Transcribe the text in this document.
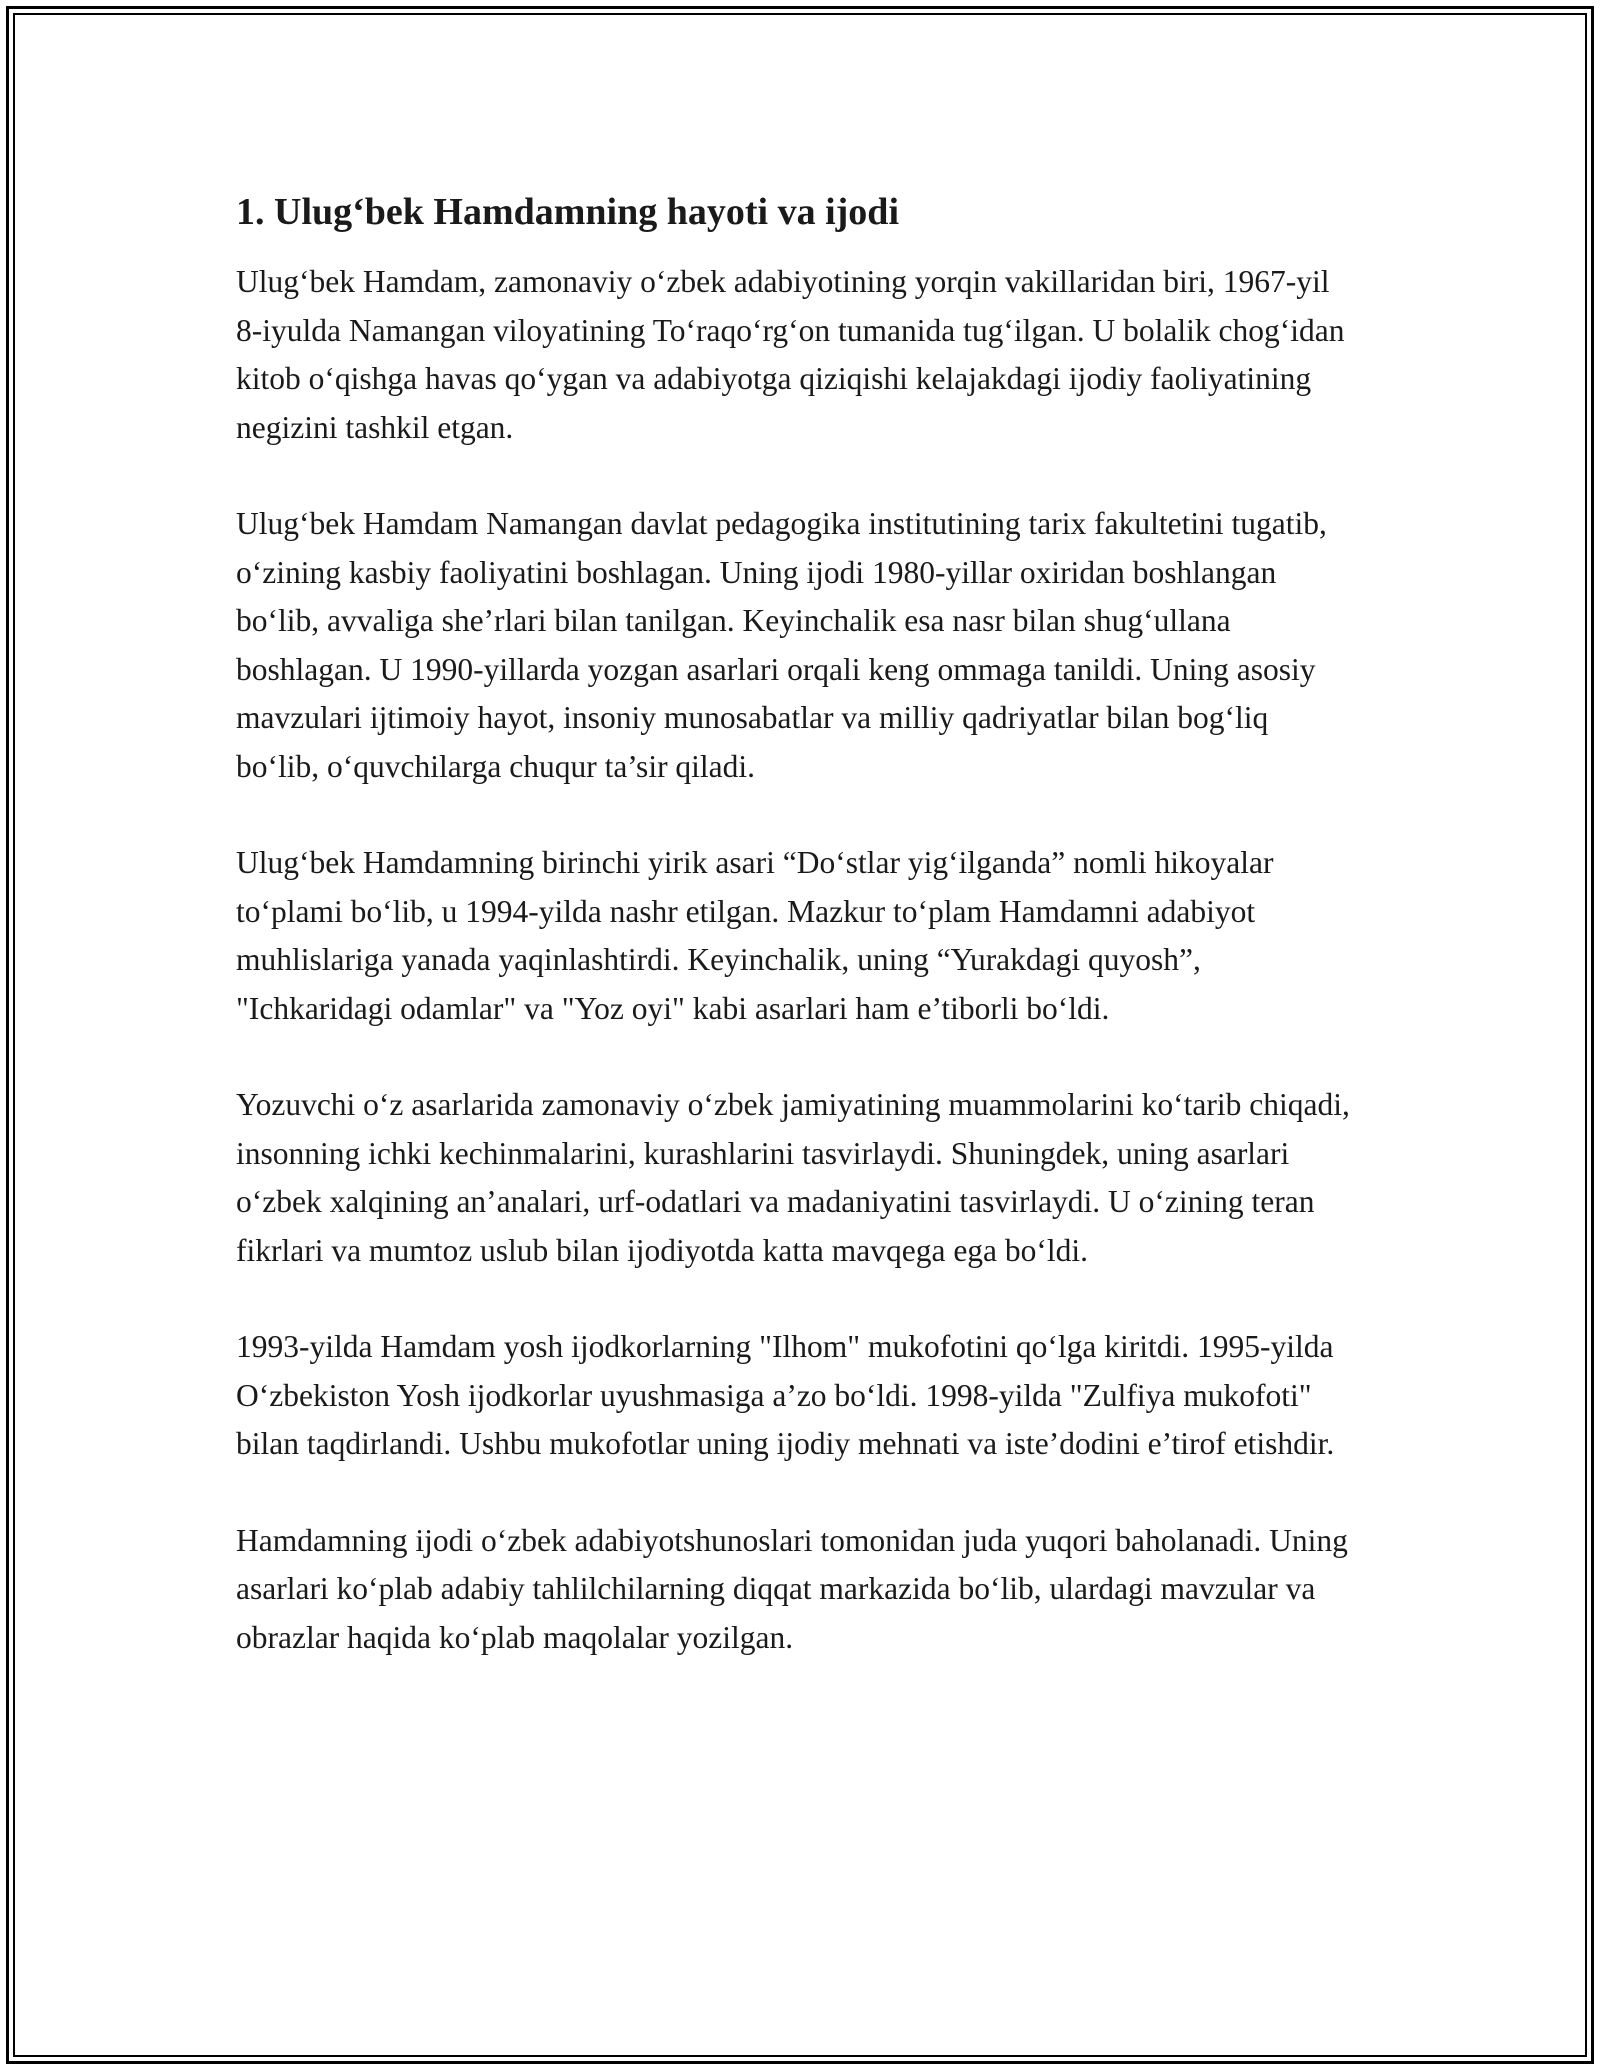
1. Ulug‘bek Hamdamning hayoti va ijodi

Ulug‘bek Hamdam, zamonaviy o‘zbek adabiyotining yorqin vakillaridan biri, 1967-yil 8-iyulda Namangan viloyatining To‘raqo‘rg‘on tumanida tug‘ilgan. U bolalik chog‘idan kitob o‘qishga havas qo‘ygan va adabiyotga qiziqishi kelajakdagi ijodiy faoliyatining negizini tashkil etgan.

Ulug‘bek Hamdam Namangan davlat pedagogika institutining tarix fakultetini tugatib, o‘zining kasbiy faoliyatini boshlagan. Uning ijodi 1980-yillar oxiridan boshlangan bo‘lib, avvaliga she’rlari bilan tanilgan. Keyinchalik esa nasr bilan shug‘ullana boshlagan. U 1990-yillarda yozgan asarlari orqali keng ommaga tanildi. Uning asosiy mavzulari ijtimoiy hayot, insoniy munosabatlar va milliy qadriyatlar bilan bog‘liq bo‘lib, o‘quvchilarga chuqur ta’sir qiladi.

Ulug‘bek Hamdamning birinchi yirik asari “Do‘stlar yig‘ilganda” nomli hikoyalar to‘plami bo‘lib, u 1994-yilda nashr etilgan. Mazkur to‘plam Hamdamni adabiyot muhlislariga yanada yaqinlashtirdi. Keyinchalik, uning “Yurakdagi quyosh”, "Ichkaridagi odamlar" va "Yoz oyi" kabi asarlari ham e’tiborli bo‘ldi.

Yozuvchi o‘z asarlarida zamonaviy o‘zbek jamiyatining muammolarini ko‘tarib chiqadi, insonning ichki kechinmalarini, kurashlarini tasvirlaydi. Shuningdek, uning asarlari o‘zbek xalqining an’analari, urf-odatlari va madaniyatini tasvirlaydi. U o‘zining teran fikrlari va mumtoz uslub bilan ijodiyotda katta mavqega ega bo‘ldi.

1993-yilda Hamdam yosh ijodkorlarning "Ilhom" mukofotini qo‘lga kiritdi. 1995-yilda O‘zbekiston Yosh ijodkorlar uyushmasiga a’zo bo‘ldi. 1998-yilda "Zulfiya mukofoti" bilan taqdirlandi. Ushbu mukofotlar uning ijodiy mehnati va iste’dodini e’tirof etishdir.

Hamdamning ijodi o‘zbek adabiyotshunoslari tomonidan juda yuqori baholanadi. Uning asarlari ko‘plab adabiy tahlilchilarning diqqat markazida bo‘lib, ulardagi mavzular va obrazlar haqida ko‘plab maqolalar yozilgan.
